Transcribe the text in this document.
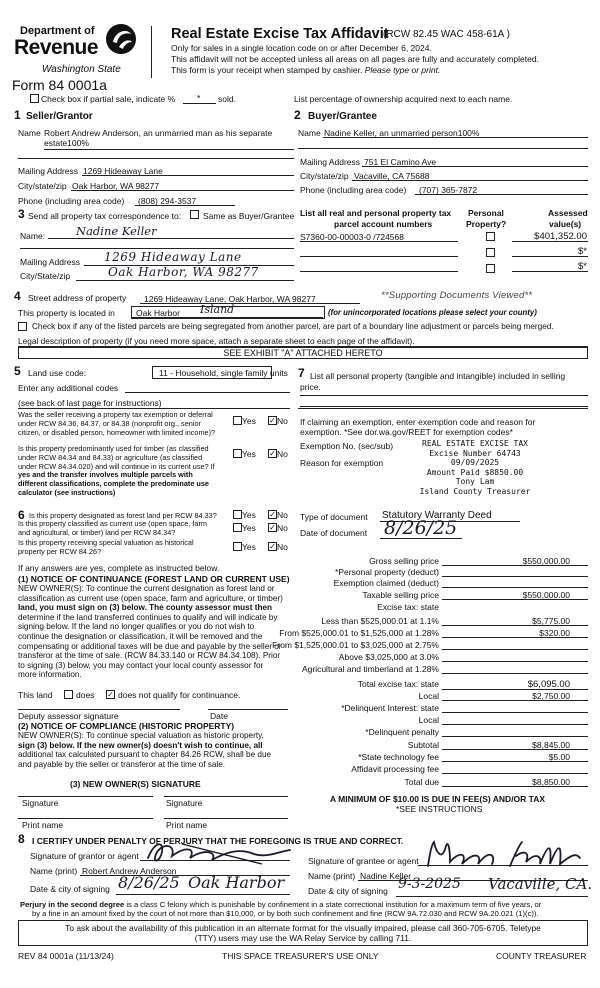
Department of
Revenue
Washington State
Form 84 0001a
Real Estate Excise Tax Affidavit
(RCW 82.45 WAC 458-61A )
Only for sales in a single location code on or after December 6, 2024.
This affidavit will not be accepted unless all areas on all pages are fully and accurately completed.
This form is your receipt when stamped by cashier. Please type or print.
Check box if partial sale, indicate %	* sold.	List percentage of ownership acquired next to each name.
1 Seller/Grantor
Name Robert Andrew Anderson, an unmarried man as his separate
estate100%
Mailing Address 1269 Hideaway Lane
City/state/zip Oak Harbor, WA 98277
Phone (including area code) (808) 294-3537
2 Buyer/Grantee
Name Nadine Keller, an unmarried person100%
Mailing Address 751 El Camino Ave
City/state/zip Vacaville, CA 75688
Phone (including area code) (707) 365-7872
3 Send all property tax correspondence to:	Same as Buyer/Grantee
Name:	Nadine Keller
Mailing Address 1269 Hideaway Lane
City/State/zip	Oak Harbor, WA 98277
List all real and personal property tax
parcel account numbers
Personal
Property?
Assessed
value(s)
S7360-00-00003-0 /724568	$401,352.00
$*
$*
4 Street address of property 1269 Hideaway Lane, Oak Harbor, WA 98277	**Supporting Documents Viewed**
This property is located in Oak Harbor Island	(for unincorporated locations please select your county)
Check box if any of the listed parcels are being segregated from another parcel, are part of a boundary line adjustment or parcels being merged.
Legal description of property (if you need more space, attach a separate sheet to each page of the affidavit).
SEE EXHIBIT "A" ATTACHED HERETO
5 Land use code:	11 - Household, single family units
Enter any additional codes
(see back of last page for instructions)
7 List all personal property (tangible and intangible) included in selling
price.
Was the seller receiving a property tax exemption or deferral
under RCW 84.36, 84.37, or 84.38 (nonprofit org., senior
citizen, or disabled person, homeowner with limited income)?
Yes ✓ No
Is this property predominantly used for timber (as classified
under RCW 84.34 and 84.33) or agriculture (as classified
under RCW 84.34.020) and will continue in its current use? If
yes and the transfer involves multiple parcels with
different classifications, complete the predominate use
calculator (see instructions)
Yes ✓ No
6 Is this property designated as forest land per RCW 84.33?	Yes ✓ No
Is this property classified as current use (open space, farm
and agricultural, or timber) land per RCW 84.34?	Yes ✓ No
Is this property receiving special valuation as historical
property per RCW 84.26?	Yes ✓ No
If any answers are yes, complete as instructed below.
(1) NOTICE OF CONTINUANCE (FOREST LAND OR CURRENT USE)
NEW OWNER(S): To continue the current designation as forest land or
classification as current use (open space, farm and agriculture, or timber)
land, you must sign on (3) below. The county assessor must then
determine if the land transferred continues to qualify and will indicate by
signing below. If the land no longer qualifies or you do not wish to
continue the designation or classification, it will be removed and the
compensating or additional taxes will be due and payable by the seller or
transferor at the time of sale. (RCW 84.33.140 or RCW 84.34.108). Prior
to signing (3) below, you may contact your local county assessor for
more information.
This land	does ✓ does not qualify for continuance.
Deputy assessor signature	Date
(2) NOTICE OF COMPLIANCE (HISTORIC PROPERTY)
NEW OWNER(S): To continue special valuation as historic property,
sign (3) below. If the new owner(s) doesn't wish to continue, all
additional tax calculated pursuant to chapter 84.26 RCW, shall be due
and payable by the seller or transferor at the time of sale.
(3) NEW OWNER(S) SIGNATURE
Signature	Signature
Print name	Print name
If claiming an exemption, enter exemption code and reason for
exemption. *See dor.wa.gov/REET for exemption codes*
Exemption No. (sec/sub)
Reason for exemption
REAL ESTATE EXCISE TAX
Excise Number 64743
09/09/2025
Amount Paid $8850.00
Tony Lam
Island County Treasurer
Type of document Statutory Warranty Deed
Date of document 8/26/25
Gross selling price	$550,000.00
*Personal property (deduct)
Exemption claimed (deduct)
Taxable selling price	$550,000.00
Excise tax: state
Less than $525,000.01 at 1.1%	$5,775.00
From $525,000.01 to $1,525,000 at 1.28%	$320.00
From $1,525,000.01 to $3,025,000 at 2.75%
Above $3,025,000 at 3.0%
Agricultural and timberland at 1.28%
Total excise tax: state	$6,095.00
Local	$2,750.00
*Delinquent Interest: state
Local
*Delinquent penalty
Subtotal	$8,845.00
*State technology fee	$5.00
Affidavit processing fee
Total due	$8,850.00
A MINIMUM OF $10.00 IS DUE IN FEE(S) AND/OR TAX
*SEE INSTRUCTIONS
8 I CERTIFY UNDER PENALTY OF PERJURY THAT THE FOREGOING IS TRUE AND CORRECT.
Signature of grantor or agent
Name (print) Robert Andrew Anderson
Date & city of signing 8/26/25 Oak Harbor
Signature of grantee or agent
Name (print) Nadine Keller
Date & city of signing 9-3-2025 Vacaville, CA.
Perjury in the second degree is a class C felony which is punishable by confinement in a state correctional institution for a maximum term of five years, or
by a fine in an amount fixed by the court of not more than $10,000, or by both such confinement and fine (RCW 9A.72.030 and RCW 9A.20.021 (1)(c)).
To ask about the availability of this publication in an alternate format for the visually impaired, please call 360-705-6705. Teletype
(TTY) users may use the WA Relay Service by calling 711.
REV 84 0001a (11/13/24)	THIS SPACE TREASURER'S USE ONLY	COUNTY TREASURER
